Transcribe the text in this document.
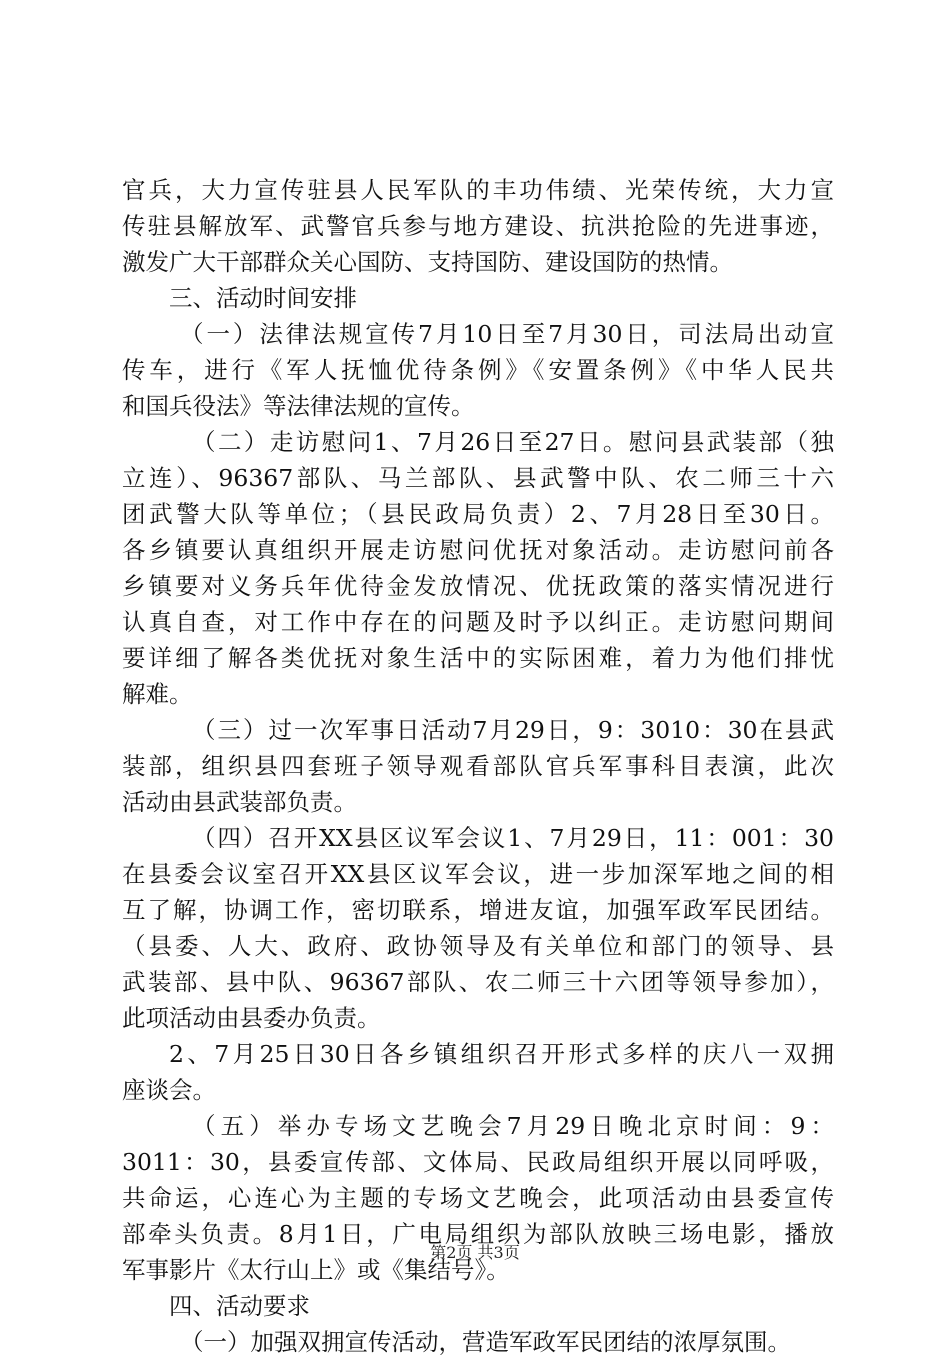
官兵，大力宣传驻县人民军队的丰功伟绩、光荣传统，大力宣
传驻县解放军、武警官兵参与地方建设、抗洪抢险的先进事迹，
激发广大干部群众关心国防、支持国防、建设国防的热情。
三、活动时间安排
（一）法律法规宣传7月10日至7月30日，司法局出动宣
传车，进行《军人抚恤优待条例》《安置条例》《中华人民共
和国兵役法》等法律法规的宣传。
（二）走访慰问1、7月26日至27日。慰问县武装部（独
立连）、96367部队、马兰部队、县武警中队、农二师三十六
团武警大队等单位；（县民政局负责）2、7月28日至30日。
各乡镇要认真组织开展走访慰问优抚对象活动。走访慰问前各
乡镇要对义务兵年优待金发放情况、优抚政策的落实情况进行
认真自查，对工作中存在的问题及时予以纠正。走访慰问期间
要详细了解各类优抚对象生活中的实际困难，着力为他们排忧
解难。
（三）过一次军事日活动7月29日，9：3010：30在县武
装部，组织县四套班子领导观看部队官兵军事科目表演，此次
活动由县武装部负责。
（四）召开XX县区议军会议1、7月29日，11：001：30
在县委会议室召开XX县区议军会议，进一步加深军地之间的相
互了解，协调工作，密切联系，增进友谊，加强军政军民团结。
（县委、人大、政府、政协领导及有关单位和部门的领导、县
武装部、县中队、96367部队、农二师三十六团等领导参加），
此项活动由县委办负责。
2、7月25日30日各乡镇组织召开形式多样的庆八一双拥
座谈会。
（五）举办专场文艺晚会7月29日晚北京时间：9：
3011：30，县委宣传部、文体局、民政局组织开展以同呼吸，
共命运，心连心为主题的专场文艺晚会，此项活动由县委宣传
部牵头负责。8月1日，广电局组织为部队放映三场电影，播放
军事影片《太行山上》或《集结号》。
四、活动要求
（一）加强双拥宣传活动，营造军政军民团结的浓厚氛围。
第2页 共3页
